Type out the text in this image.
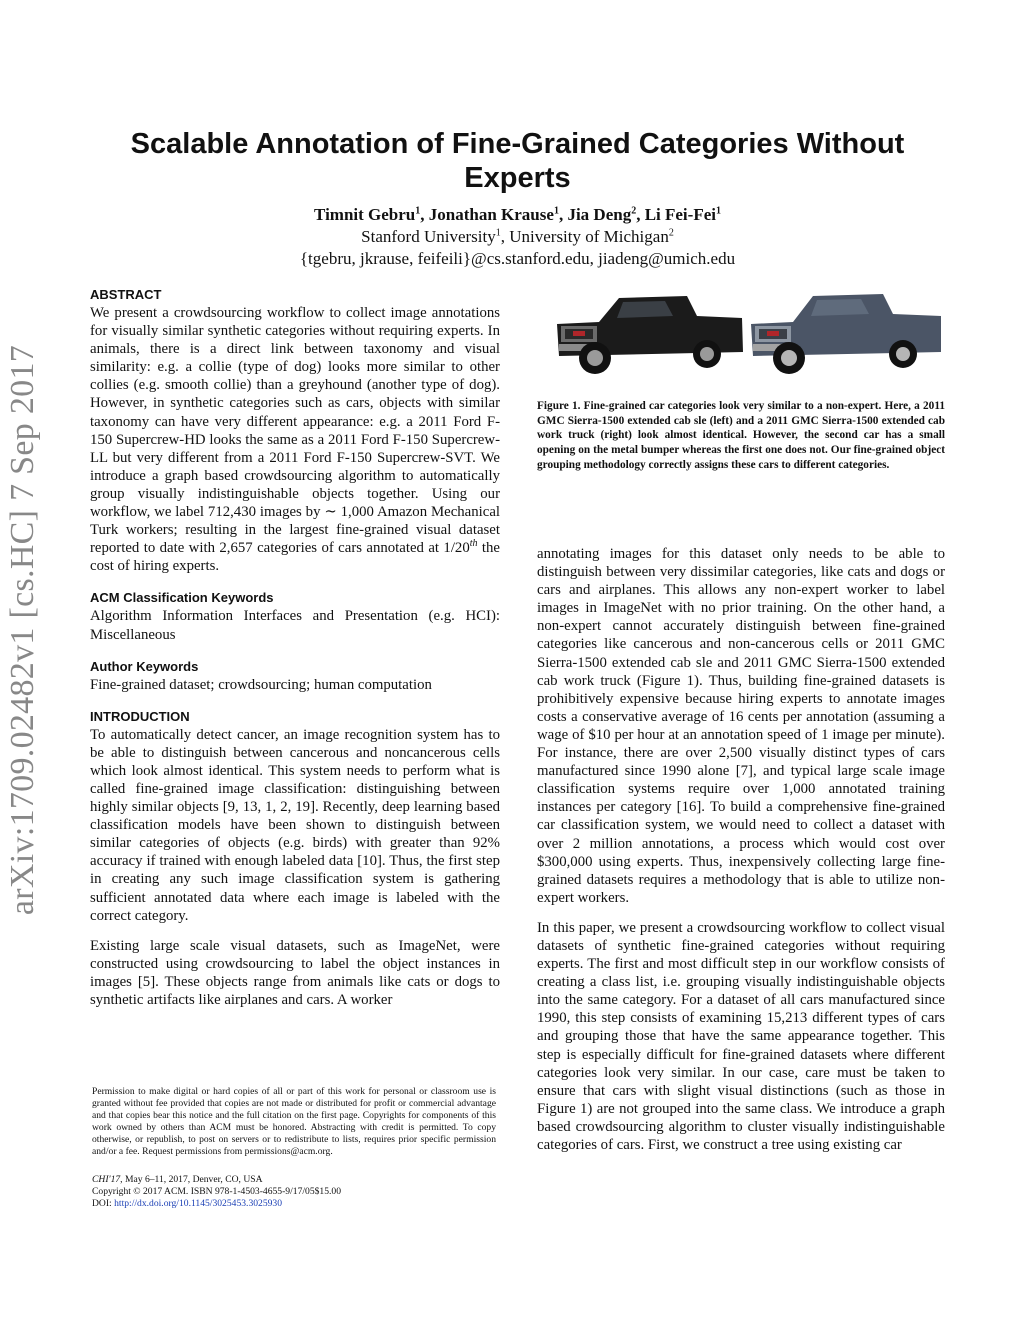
arXiv:1709.02482v1 [cs.HC] 7 Sep 2017
Scalable Annotation of Fine-Grained Categories Without Experts
Timnit Gebru$^1$, Jonathan Krause$^1$, Jia Deng$^2$, Li Fei-Fei$^1$
Stanford University$^1$, University of Michigan$^2$
{tgebru, jkrause, feifeili}@cs.stanford.edu, jiadeng@umich.edu
ABSTRACT

We present a crowdsourcing workflow to collect image annotations for visually similar synthetic categories without requiring experts. In animals, there is a direct link between taxonomy and visual similarity: e.g. a collie (type of dog) looks more similar to other collies (e.g. smooth collie) than a greyhound (another type of dog). However, in synthetic categories such as cars, objects with similar taxonomy can have very different appearance: e.g. a 2011 Ford F-150 Supercrew-HD looks the same as a 2011 Ford F-150 Supercrew-LL but very different from a 2011 Ford F-150 Supercrew-SVT. We introduce a graph based crowdsourcing algorithm to automatically group visually indistinguishable objects together. Using our workflow, we label 712,430 images by ∼ 1,000 Amazon Mechanical Turk workers; resulting in the largest fine-grained visual dataset reported to date with 2,657 categories of cars annotated at 1/20th the cost of hiring experts.

ACM Classification Keywords

Algorithm Information Interfaces and Presentation (e.g. HCI): Miscellaneous

Author Keywords

Fine-grained dataset; crowdsourcing; human computation

INTRODUCTION

To automatically detect cancer, an image recognition system has to be able to distinguish between cancerous and noncancerous cells which look almost identical. This system needs to perform what is called fine-grained image classification: distinguishing between highly similar objects [9, 13, 1, 2, 19]. Recently, deep learning based classification models have been shown to distinguish between similar categories of objects (e.g. birds) with greater than 92% accuracy if trained with enough labeled data [10]. Thus, the first step in creating any such image classification system is gathering sufficient annotated data where each image is labeled with the correct category.

Existing large scale visual datasets, such as ImageNet, were constructed using crowdsourcing to label the object instances in images [5]. These objects range from animals like cats or dogs to synthetic artifacts like airplanes and cars. A worker

Figure 1. Fine-grained car categories look very similar to a non-expert. Here, a 2011 GMC Sierra-1500 extended cab sle (left) and a 2011 GMC Sierra-1500 extended cab work truck (right) look almost identical. However, the second car has a small opening on the metal bumper whereas the first one does not. Our fine-grained object grouping methodology correctly assigns these cars to different categories.

annotating images for this dataset only needs to be able to distinguish between very dissimilar categories, like cats and dogs or cars and airplanes. This allows any non-expert worker to label images in ImageNet with no prior training. On the other hand, a non-expert cannot accurately distinguish between fine-grained categories like cancerous and non-cancerous cells or 2011 GMC Sierra-1500 extended cab sle and 2011 GMC Sierra-1500 extended cab work truck (Figure 1). Thus, building fine-grained datasets is prohibitively expensive because hiring experts to annotate images costs a conservative average of 16 cents per annotation (assuming a wage of $10 per hour at an annotation speed of 1 image per minute). For instance, there are over 2,500 visually distinct types of cars manufactured since 1990 alone [7], and typical large scale image classification systems require over 1,000 annotated training instances per category [16]. To build a comprehensive fine-grained car classification system, we would need to collect a dataset with over 2 million annotations, a process which would cost over $300,000 using experts. Thus, inexpensively collecting large fine-grained datasets requires a methodology that is able to utilize non-expert workers.

In this paper, we present a crowdsourcing workflow to collect visual datasets of synthetic fine-grained categories without requiring experts. The first and most difficult step in our workflow consists of creating a class list, i.e. grouping visually indistinguishable objects into the same category. For a dataset of all cars manufactured since 1990, this step consists of examining 15,213 different types of cars and grouping those that have the same appearance together. This step is especially difficult for fine-grained datasets where different categories look very similar. In our case, care must be taken to ensure that cars with slight visual distinctions (such as those in Figure 1) are not grouped into the same class. We introduce a graph based crowdsourcing algorithm to cluster visually indistinguishable categories of cars. First, we construct a tree using existing car

Permission to make digital or hard copies of all or part of this work for personal or classroom use is granted without fee provided that copies are not made or distributed for profit or commercial advantage and that copies bear this notice and the full citation on the first page. Copyrights for components of this work owned by others than ACM must be honored. Abstracting with credit is permitted. To copy otherwise, or republish, to post on servers or to redistribute to lists, requires prior specific permission and/or a fee. Request permissions from permissions@acm.org.

CHI'17, May 6–11, 2017, Denver, CO, USA
Copyright © 2017 ACM. ISBN 978-1-4503-4655-9/17/05$15.00
DOI: http://dx.doi.org/10.1145/3025453.3025930
